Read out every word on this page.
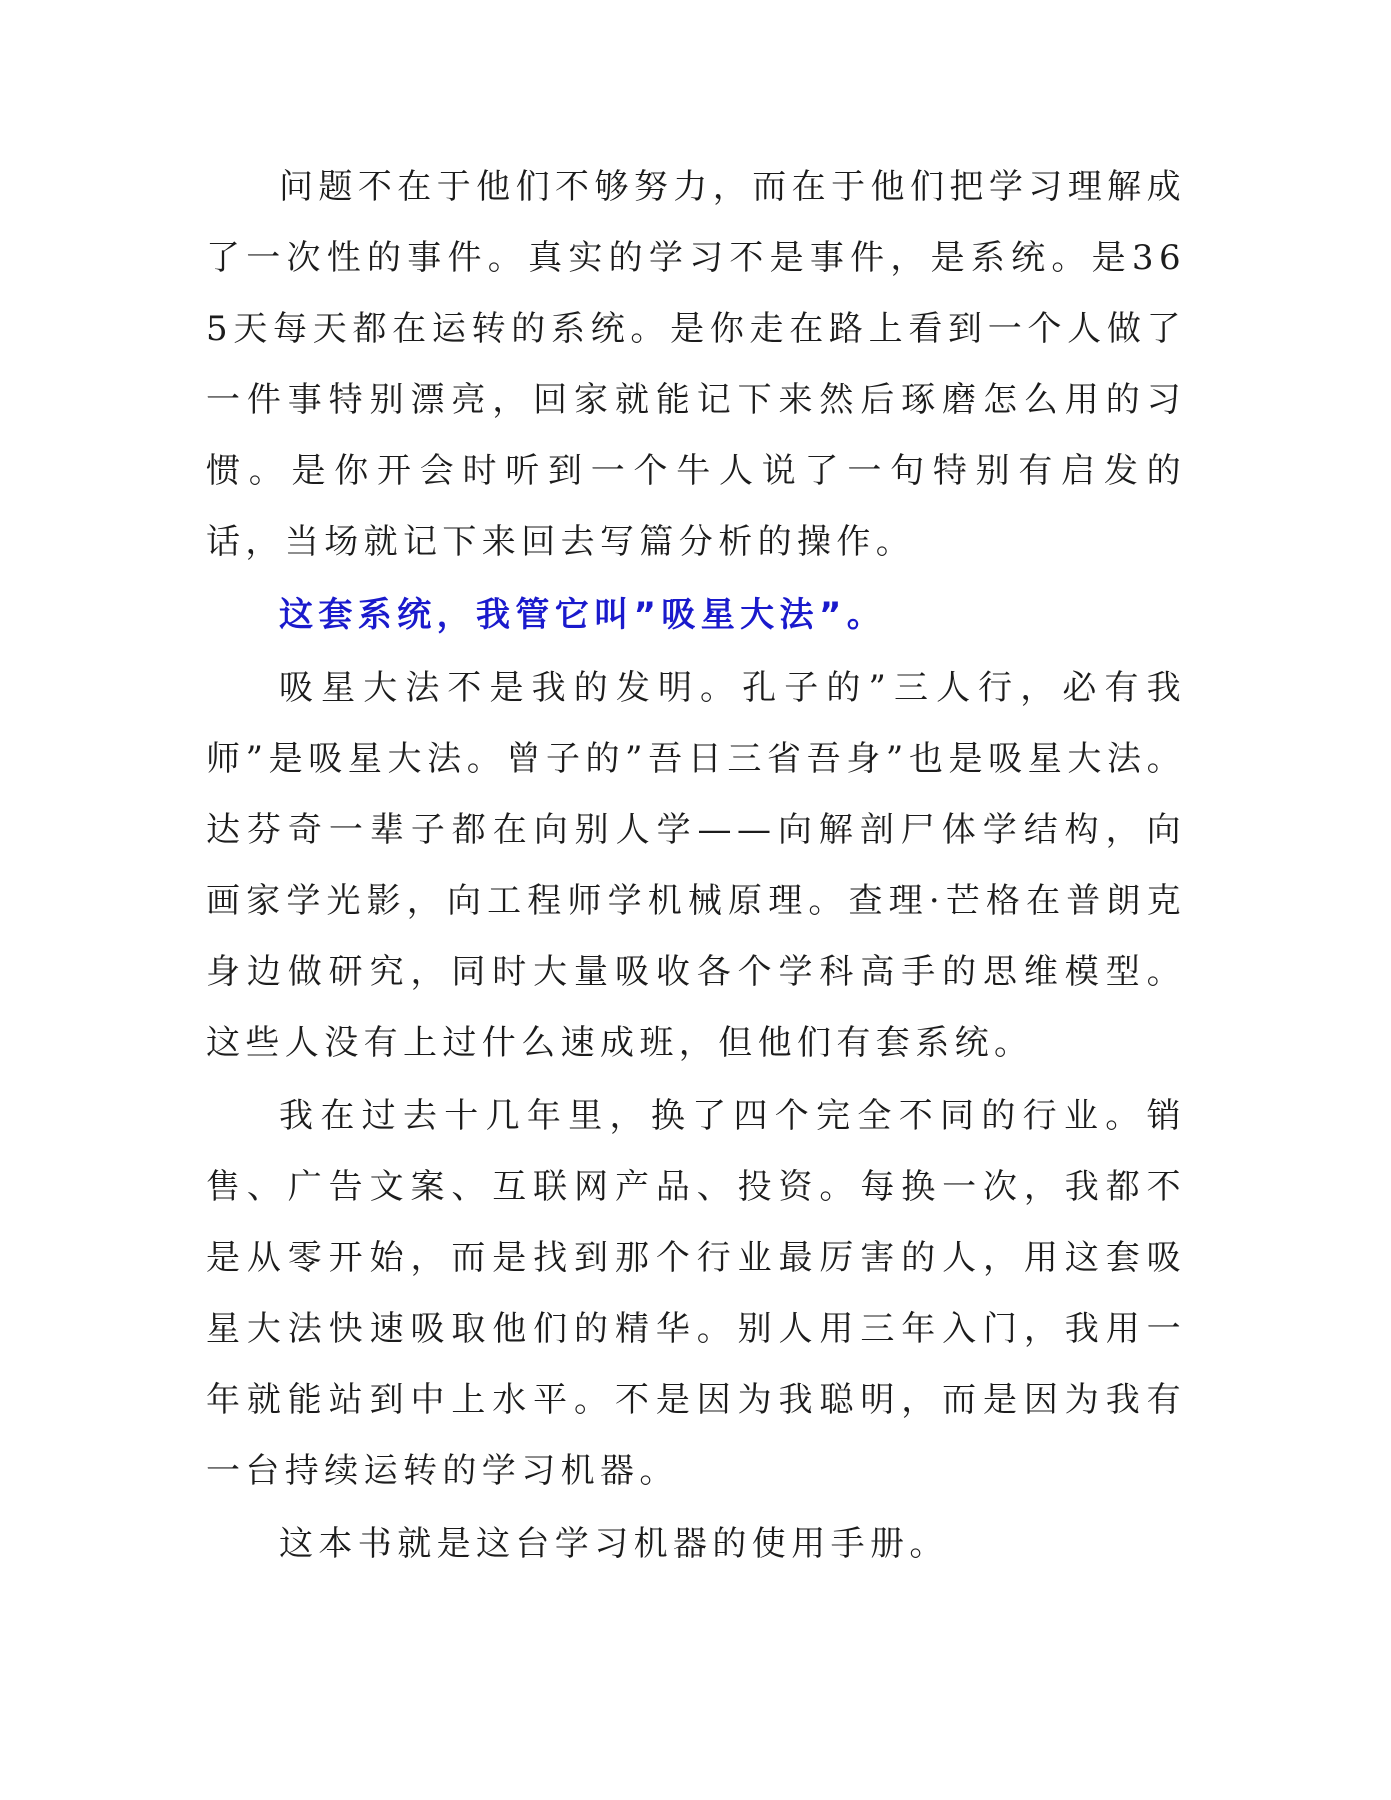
问题不在于他们不够努力，而在于他们把学习理解成了一次性的事件。真实的学习不是事件，是系统。是365天每天都在运转的系统。是你走在路上看到一个人做了一件事特别漂亮，回家就能记下来然后琢磨怎么用的习惯。是你开会时听到一个牛人说了一句特别有启发的话，当场就记下来回去写篇分析的操作。

这套系统，我管它叫”吸星大法”。

吸星大法不是我的发明。孔子的”三人行，必有我师”是吸星大法。曾子的”吾日三省吾身”也是吸星大法。达芬奇一辈子都在向别人学——向解剖尸体学结构，向画家学光影，向工程师学机械原理。查理·芒格在普朗克身边做研究，同时大量吸收各个学科高手的思维模型。这些人没有上过什么速成班，但他们有套系统。

我在过去十几年里，换了四个完全不同的行业。销售、广告文案、互联网产品、投资。每换一次，我都不是从零开始，而是找到那个行业最厉害的人，用这套吸星大法快速吸取他们的精华。别人用三年入门，我用一年就能站到中上水平。不是因为我聪明，而是因为我有一台持续运转的学习机器。

这本书就是这台学习机器的使用手册。
